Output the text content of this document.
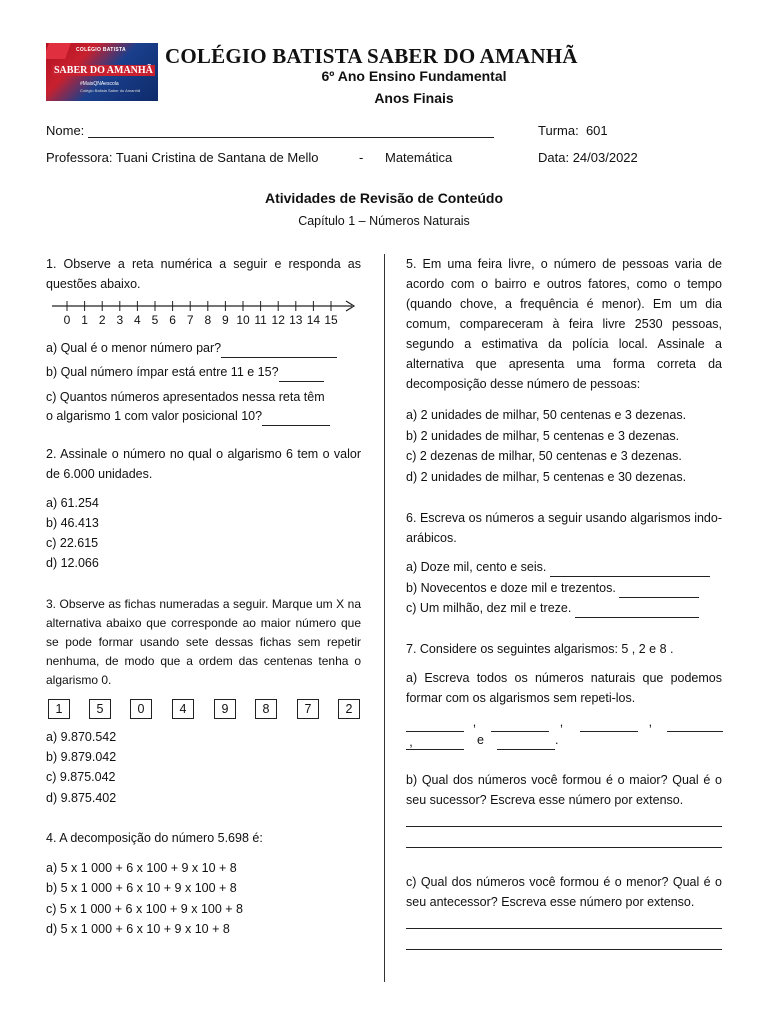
COLÉGIO BATISTA
SABER DO AMANHÃ
#MaisQNAescola
Colégio Batista Saber do Amanhã
COLÉGIO BATISTA SABER DO AMANHÃ
6º Ano Ensino Fundamental
Anos Finais
Nome:	Turma: 601
Professora: Tuani Cristina de Santana de Mello	- Matemática	Data: 24/03/2022
Atividades de Revisão de Conteúdo
Capítulo 1 – Números Naturais
1. Observe a reta numérica a seguir e responda as questões abaixo.
0 1 2 3 4 5 6 7 8 9 10 11 12 13 14 15
a) Qual é o menor número par?
b) Qual número ímpar está entre 11 e 15?
c) Quantos números apresentados nessa reta têm
o algarismo 1 com valor posicional 10?
2. Assinale o número no qual o algarismo 6 tem o valor de 6.000 unidades.
a) 61.254
b) 46.413
c) 22.615
d) 12.066
3. Observe as fichas numeradas a seguir. Marque um X na alternativa abaixo que corresponde ao maior número que se pode formar usando sete dessas fichas sem repetir nenhuma, de modo que a ordem das centenas tenha o algarismo 0.
1	5	0	4	9	8	7	2
a) 9.870.542
b) 9.879.042
c) 9.875.042
d) 9.875.402
4. A decomposição do número 5.698 é:
a) 5 x 1 000 + 6 x 100 + 9 x 10 + 8
b) 5 x 1 000 + 6 x 10 + 9 x 100 + 8
c) 5 x 1 000 + 6 x 100 + 9 x 100 + 8
d) 5 x 1 000 + 6 x 10 + 9 x 10 + 8
5. Em uma feira livre, o número de pessoas varia de acordo com o bairro e outros fatores, como o tempo (quando chove, a frequência é menor). Em um dia comum, compareceram à feira livre 2530 pessoas, segundo a estimativa da polícia local. Assinale a alternativa que apresenta uma forma correta da decomposição desse número de pessoas:
a) 2 unidades de milhar, 50 centenas e 3 dezenas.
b) 2 unidades de milhar, 5 centenas e 3 dezenas.
c) 2 dezenas de milhar, 50 centenas e 3 dezenas.
d) 2 unidades de milhar, 5 centenas e 30 dezenas.
6. Escreva os números a seguir usando algarismos indo-arábicos.
a) Doze mil, cento e seis.
b) Novecentos e doze mil e trezentos.
c) Um milhão, dez mil e treze.
7. Considere os seguintes algarismos: 5 , 2 e 8 .
a) Escreva todos os números naturais que podemos formar com os algarismos sem repeti-los.
,	,	,  ,	e	.
b) Qual dos números você formou é o maior? Qual é o seu sucessor? Escreva esse número por extenso.
c) Qual dos números você formou é o menor? Qual é o seu antecessor? Escreva esse número por extenso.
